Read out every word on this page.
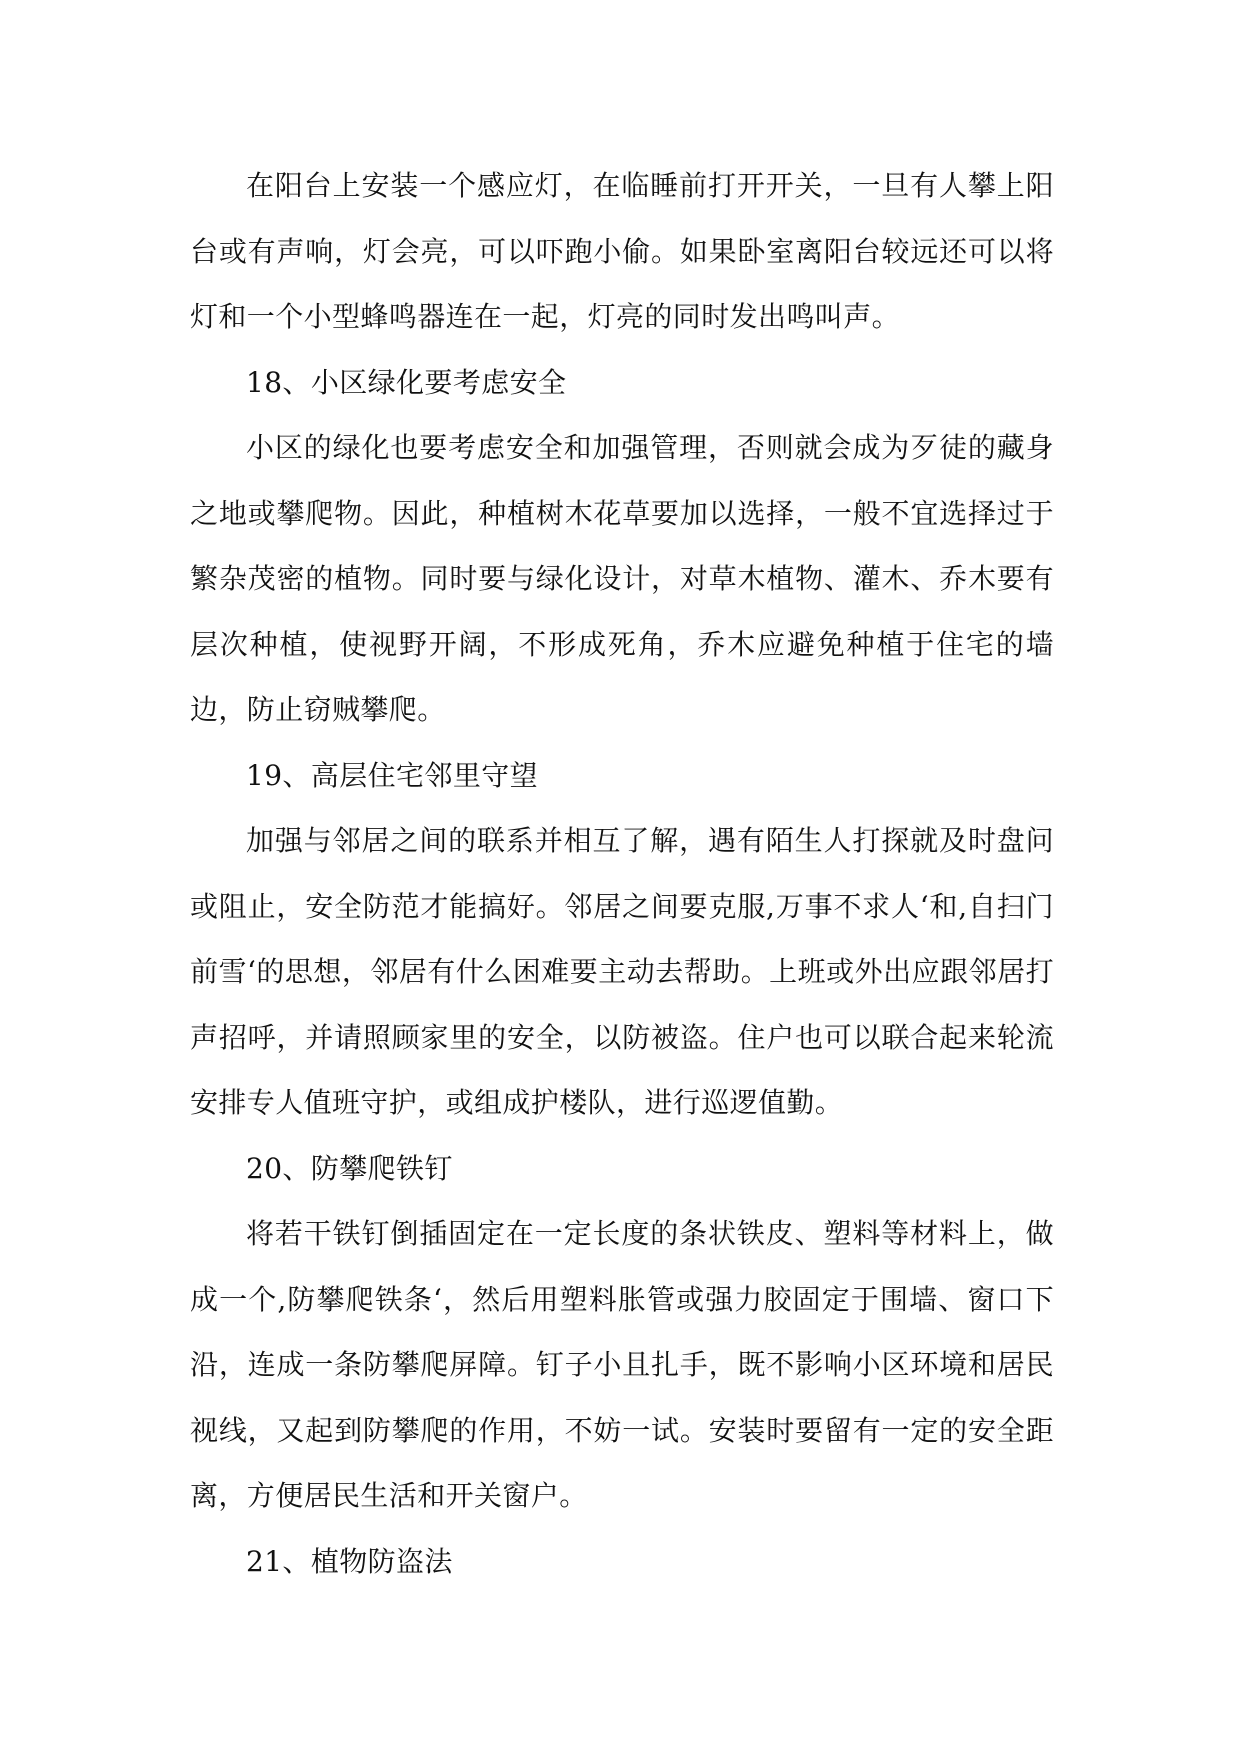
在阳台上安装一个感应灯，在临睡前打开开关，一旦有人攀上阳台或有声响，灯会亮，可以吓跑小偷。如果卧室离阳台较远还可以将灯和一个小型蜂鸣器连在一起，灯亮的同时发出鸣叫声。

18、小区绿化要考虑安全

小区的绿化也要考虑安全和加强管理，否则就会成为歹徒的藏身之地或攀爬物。因此，种植树木花草要加以选择，一般不宜选择过于繁杂茂密的植物。同时要与绿化设计，对草木植物、灌木、乔木要有层次种植，使视野开阔，不形成死角，乔木应避免种植于住宅的墙边，防止窃贼攀爬。

19、高层住宅邻里守望

加强与邻居之间的联系并相互了解，遇有陌生人打探就及时盘问或阻止，安全防范才能搞好。邻居之间要克服,万事不求人‘和,自扫门前雪‘的思想，邻居有什么困难要主动去帮助。上班或外出应跟邻居打声招呼，并请照顾家里的安全，以防被盗。住户也可以联合起来轮流安排专人值班守护，或组成护楼队，进行巡逻值勤。

20、防攀爬铁钉

将若干铁钉倒插固定在一定长度的条状铁皮、塑料等材料上，做成一个,防攀爬铁条‘，然后用塑料胀管或强力胶固定于围墙、窗口下沿，连成一条防攀爬屏障。钉子小且扎手，既不影响小区环境和居民视线，又起到防攀爬的作用，不妨一试。安装时要留有一定的安全距离，方便居民生活和开关窗户。

21、植物防盗法
